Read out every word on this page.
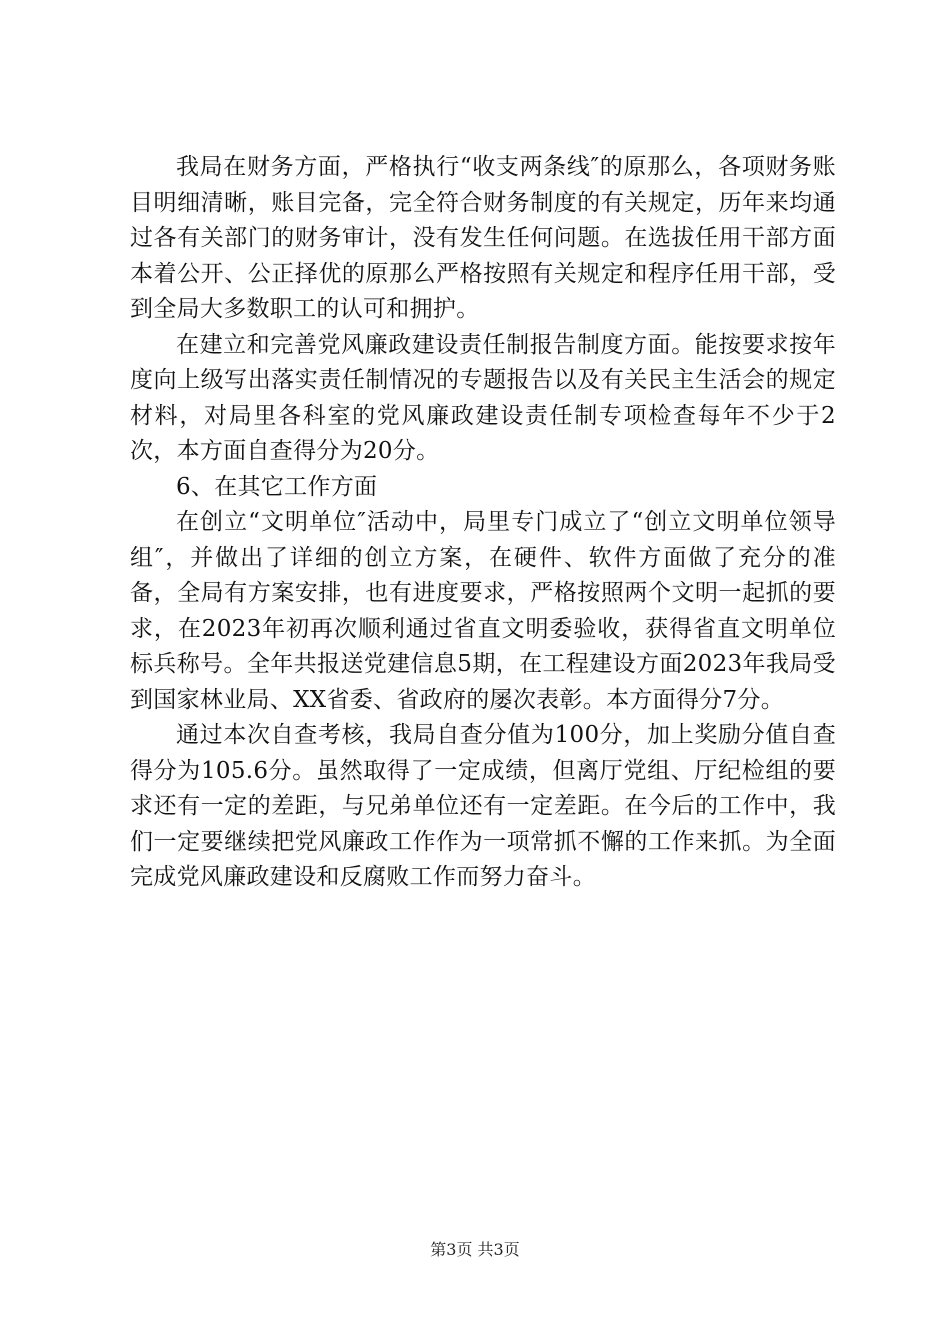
我局在财务方面，严格执行“收支两条线″的原那么，各项财务账目明细清晰，账目完备，完全符合财务制度的有关规定，历年来均通过各有关部门的财务审计，没有发生任何问题。在选拔任用干部方面本着公开、公正择优的原那么严格按照有关规定和程序任用干部，受到全局大多数职工的认可和拥护。

在建立和完善党风廉政建设责任制报告制度方面。能按要求按年度向上级写出落实责任制情况的专题报告以及有关民主生活会的规定材料，对局里各科室的党风廉政建设责任制专项检查每年不少于2次，本方面自查得分为20分。

6、在其它工作方面

在创立“文明单位″活动中，局里专门成立了“创立文明单位领导组″，并做出了详细的创立方案，在硬件、软件方面做了充分的准备，全局有方案安排，也有进度要求，严格按照两个文明一起抓的要求，在2023年初再次顺利通过省直文明委验收，获得省直文明单位标兵称号。全年共报送党建信息5期，在工程建设方面2023年我局受到国家林业局、XX省委、省政府的屡次表彰。本方面得分7分。

通过本次自查考核，我局自查分值为100分，加上奖励分值自查得分为105.6分。虽然取得了一定成绩，但离厅党组、厅纪检组的要求还有一定的差距，与兄弟单位还有一定差距。在今后的工作中，我们一定要继续把党风廉政工作作为一项常抓不懈的工作来抓。为全面完成党风廉政建设和反腐败工作而努力奋斗。

第3页 共3页
